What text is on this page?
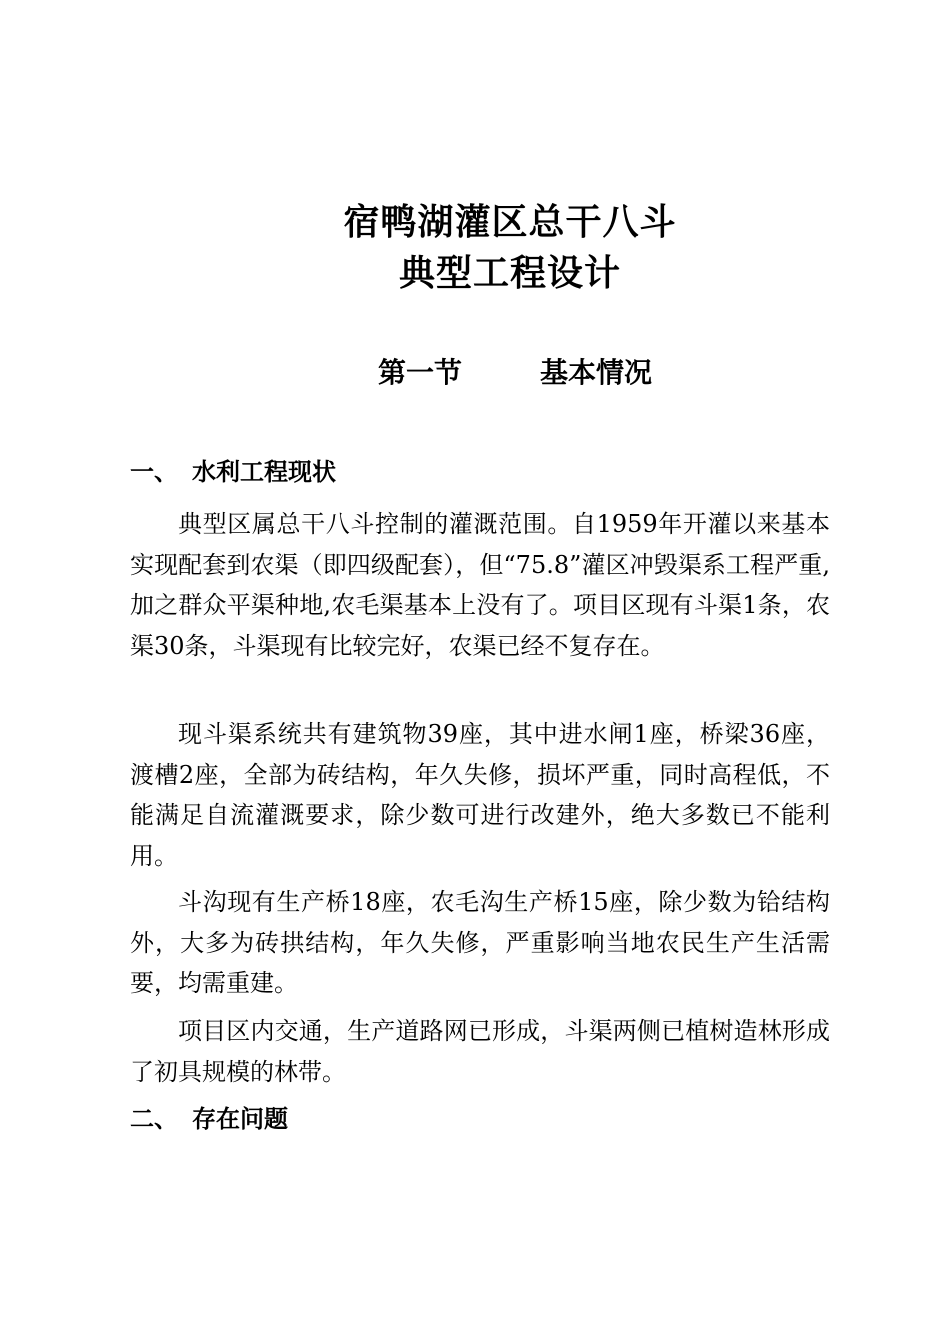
宿鸭湖灌区总干八斗
典型工程设计
第一节	基本情况
一、 水利工程现状

典型区属总干八斗控制的灌溉范围。自1959年开灌以来基本实现配套到农渠（即四级配套），但“75.8”灌区冲毁渠系工程严重,加之群众平渠种地,农毛渠基本上没有了。项目区现有斗渠1条，农渠30条，斗渠现有比较完好，农渠已经不复存在。

现斗渠系统共有建筑物39座，其中进水闸1座，桥梁36座，渡槽2座，全部为砖结构，年久失修，损坏严重，同时高程低，不能满足自流灌溉要求，除少数可进行改建外，绝大多数已不能利用。

斗沟现有生产桥18座，农毛沟生产桥15座，除少数为铪结构外，大多为砖拱结构，年久失修，严重影响当地农民生产生活需要，均需重建。

项目区内交通，生产道路网已形成，斗渠两侧已植树造林形成了初具规模的林带。

二、 存在问题
